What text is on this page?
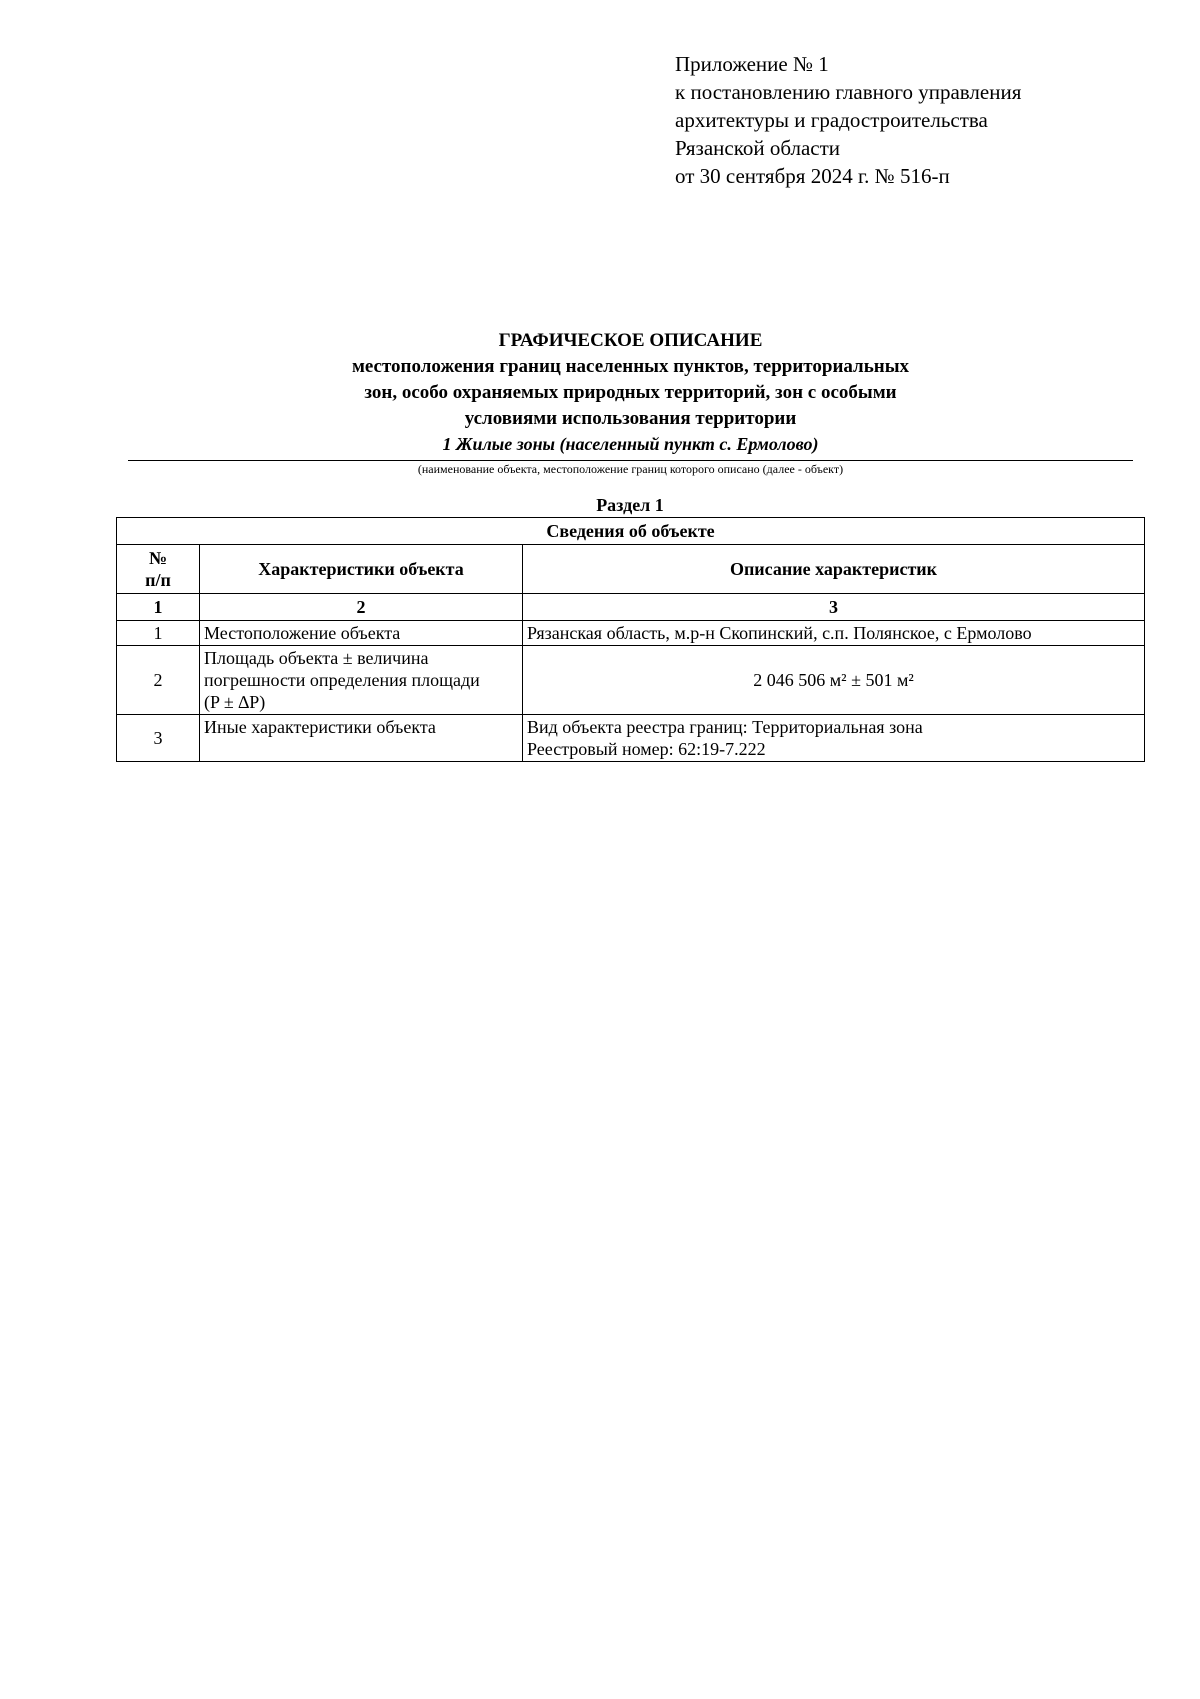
Приложение № 1
к постановлению главного управления
архитектуры и градостроительства
Рязанской области
от 30 сентября 2024 г. № 516-п
ГРАФИЧЕСКОЕ ОПИСАНИЕ
местоположения границ населенных пунктов, территориальных
зон, особо охраняемых природных территорий, зон с особыми
условиями использования территории
1 Жилые зоны (населенный пункт с. Ермолово)
(наименование объекта, местоположение границ которого описано (далее - объект)
Раздел 1
Сведения об объекте		

№
п/п	Характеристики объекта	Описание характеристик
1	2	3
1	Местоположение объекта	Рязанская область, м.р-н Скопинский, с.п. Полянское, с Ермолово
2	Площадь объекта ± величина
погрешности определения площади
(P ± ∆P)	2 046 506 м² ± 501 м²
3	Иные характеристики объекта	Вид объекта реестра границ: Территориальная зона
Реестровый номер: 62:19-7.222
